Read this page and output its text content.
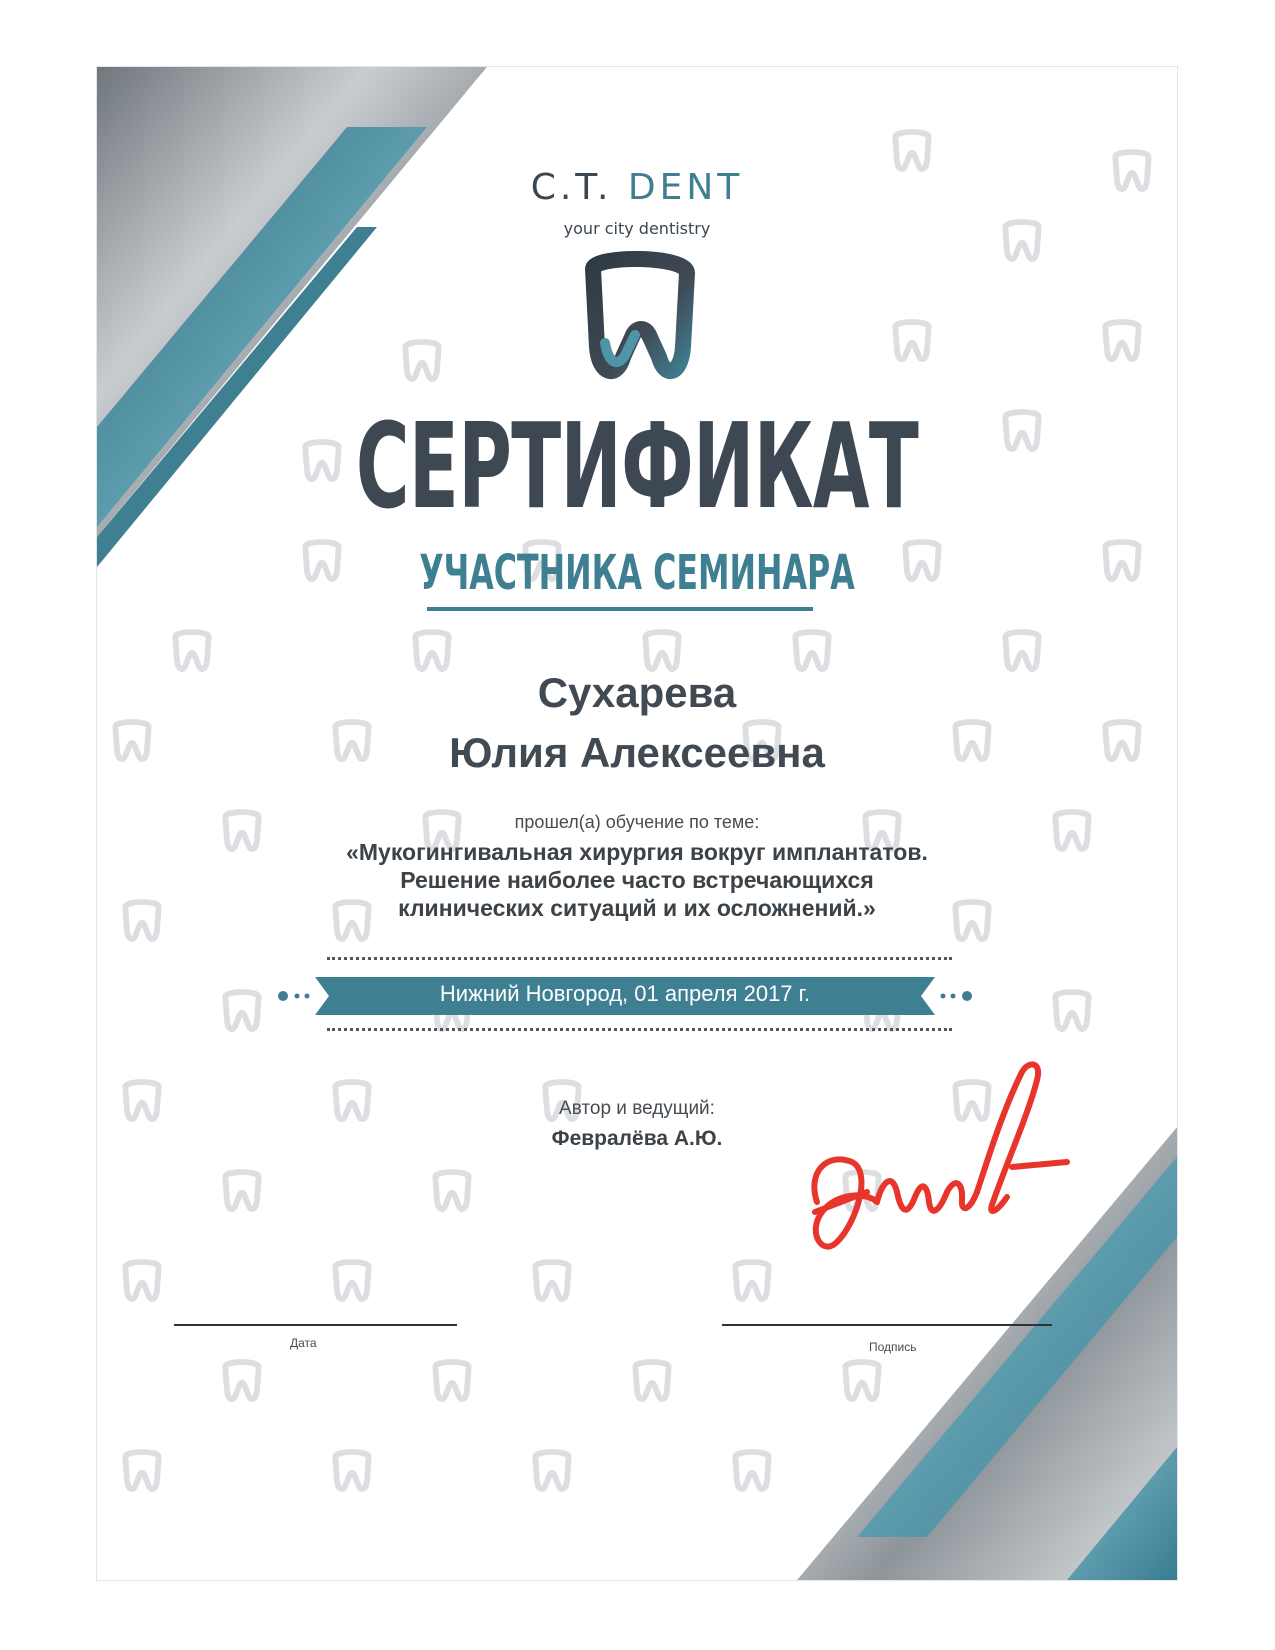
C.T. DENT
your city dentistry
СЕРТИФИКАТ
УЧАСТНИКА СЕМИНАРА
Сухарева
Юлия Алексеевна
прошел(а) обучение по теме:
«Мукогингивальная хирургия вокруг имплантатов.
Решение наиболее часто встречающихся
клинических ситуаций и их осложнений.»
Нижний Новгород, 01 апреля 2017 г.
Автор и ведущий:
Февралёва А.Ю.
Дата	Подпись
